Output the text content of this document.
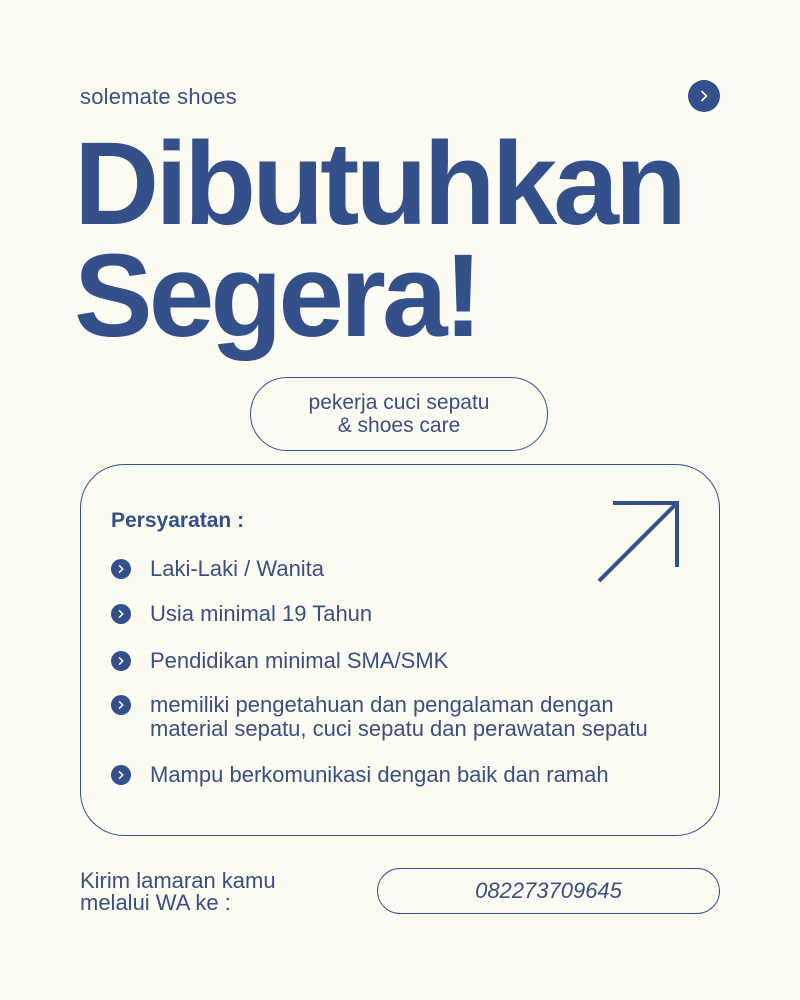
solemate shoes
Dibutuhkan
Segera!
pekerja cuci sepatu
& shoes care
Persyaratan :
Laki-Laki / Wanita
Usia minimal 19 Tahun
Pendidikan minimal SMA/SMK
memiliki pengetahuan dan pengalaman dengan
material sepatu, cuci sepatu dan perawatan sepatu
Mampu berkomunikasi dengan baik dan ramah
Kirim lamaran kamu
melalui WA ke :	082273709645
